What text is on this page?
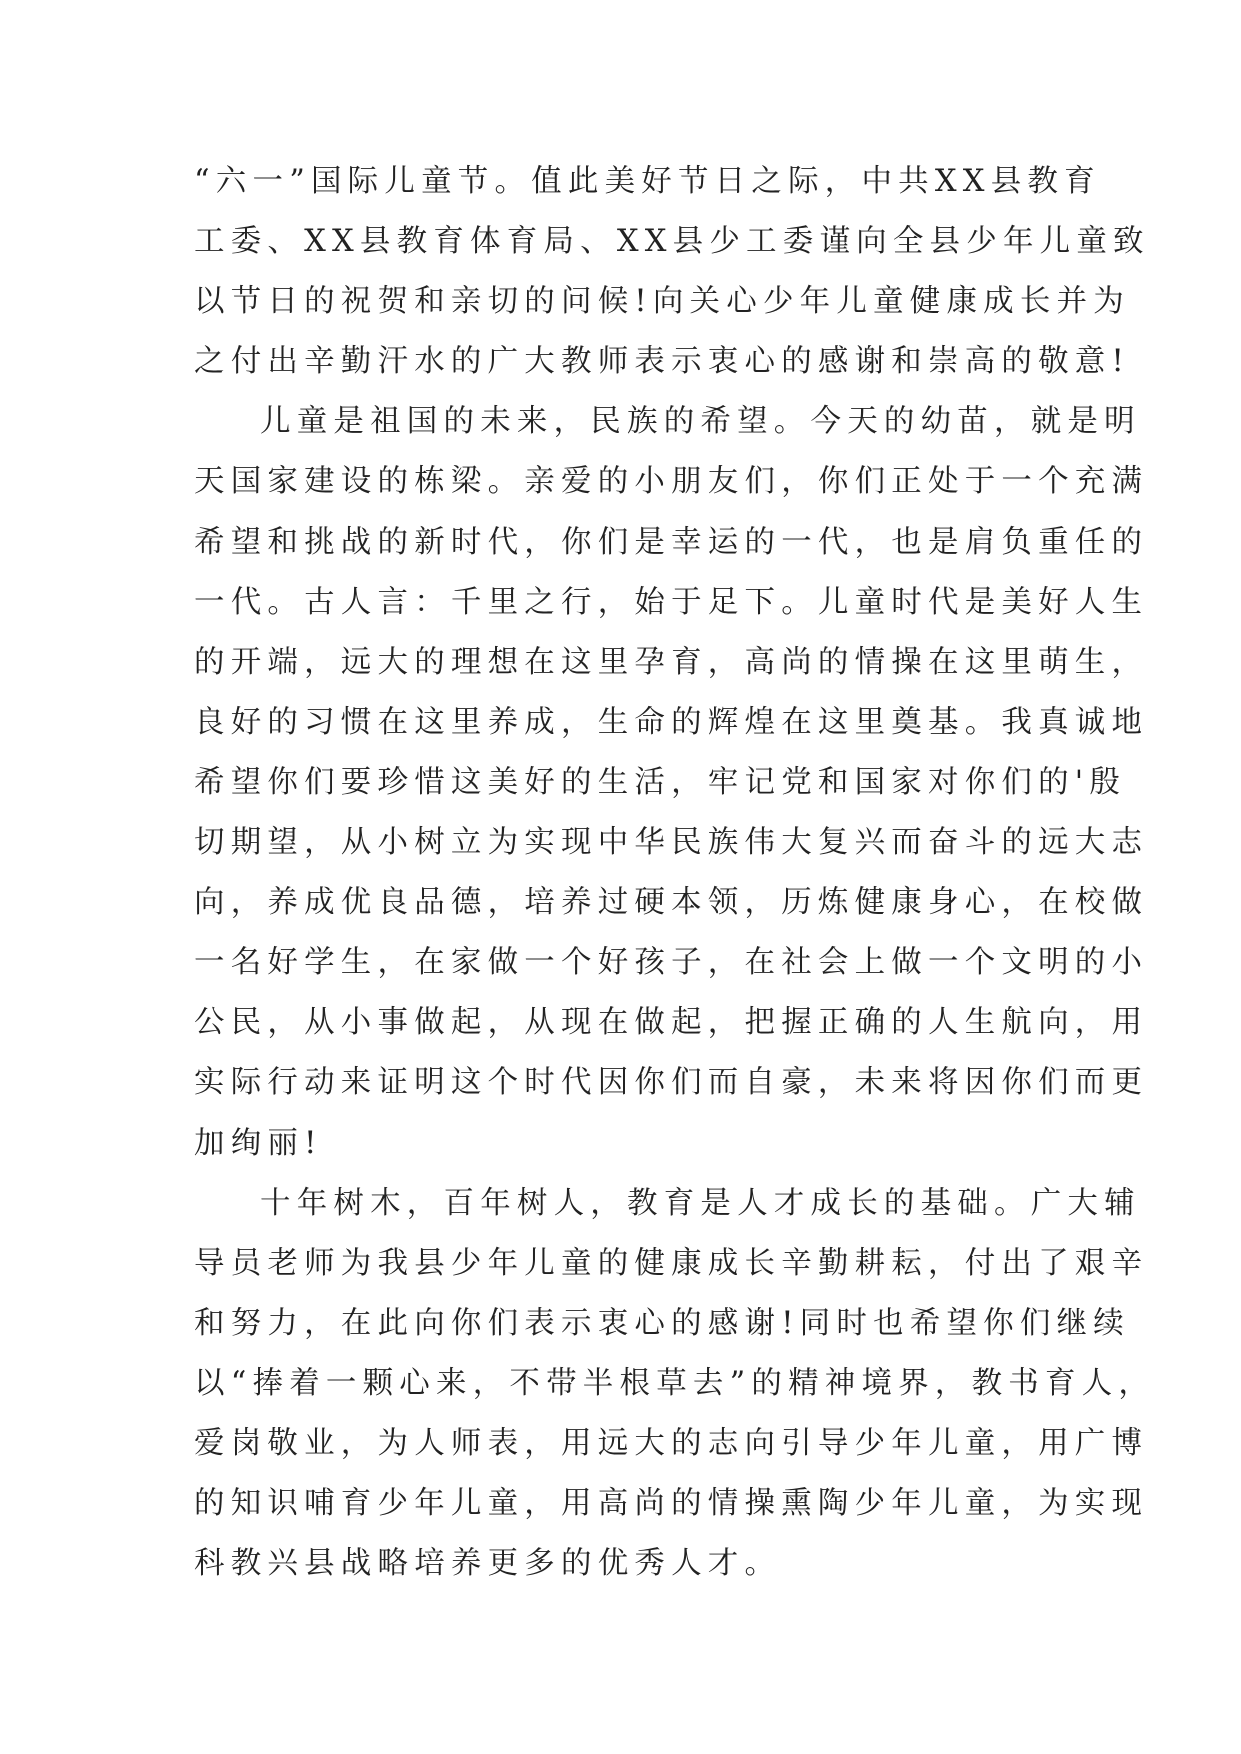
“六一”国际儿童节。值此美好节日之际，中共XX县教育
工委、XX县教育体育局、XX县少工委谨向全县少年儿童致
以节日的祝贺和亲切的问候!向关心少年儿童健康成长并为
之付出辛勤汗水的广大教师表示衷心的感谢和崇高的敬意!
儿童是祖国的未来，民族的希望。今天的幼苗，就是明
天国家建设的栋梁。亲爱的小朋友们，你们正处于一个充满
希望和挑战的新时代，你们是幸运的一代，也是肩负重任的
一代。古人言：千里之行，始于足下。儿童时代是美好人生
的开端，远大的理想在这里孕育，高尚的情操在这里萌生，
良好的习惯在这里养成，生命的辉煌在这里奠基。我真诚地
希望你们要珍惜这美好的生活，牢记党和国家对你们的'殷
切期望，从小树立为实现中华民族伟大复兴而奋斗的远大志
向，养成优良品德，培养过硬本领，历炼健康身心，在校做
一名好学生，在家做一个好孩子，在社会上做一个文明的小
公民，从小事做起，从现在做起，把握正确的人生航向，用
实际行动来证明这个时代因你们而自豪，未来将因你们而更
加绚丽!
十年树木，百年树人，教育是人才成长的基础。广大辅
导员老师为我县少年儿童的健康成长辛勤耕耘，付出了艰辛
和努力，在此向你们表示衷心的感谢!同时也希望你们继续
以“捧着一颗心来，不带半根草去”的精神境界，教书育人，
爱岗敬业，为人师表，用远大的志向引导少年儿童，用广博
的知识哺育少年儿童，用高尚的情操熏陶少年儿童，为实现
科教兴县战略培养更多的优秀人才。
